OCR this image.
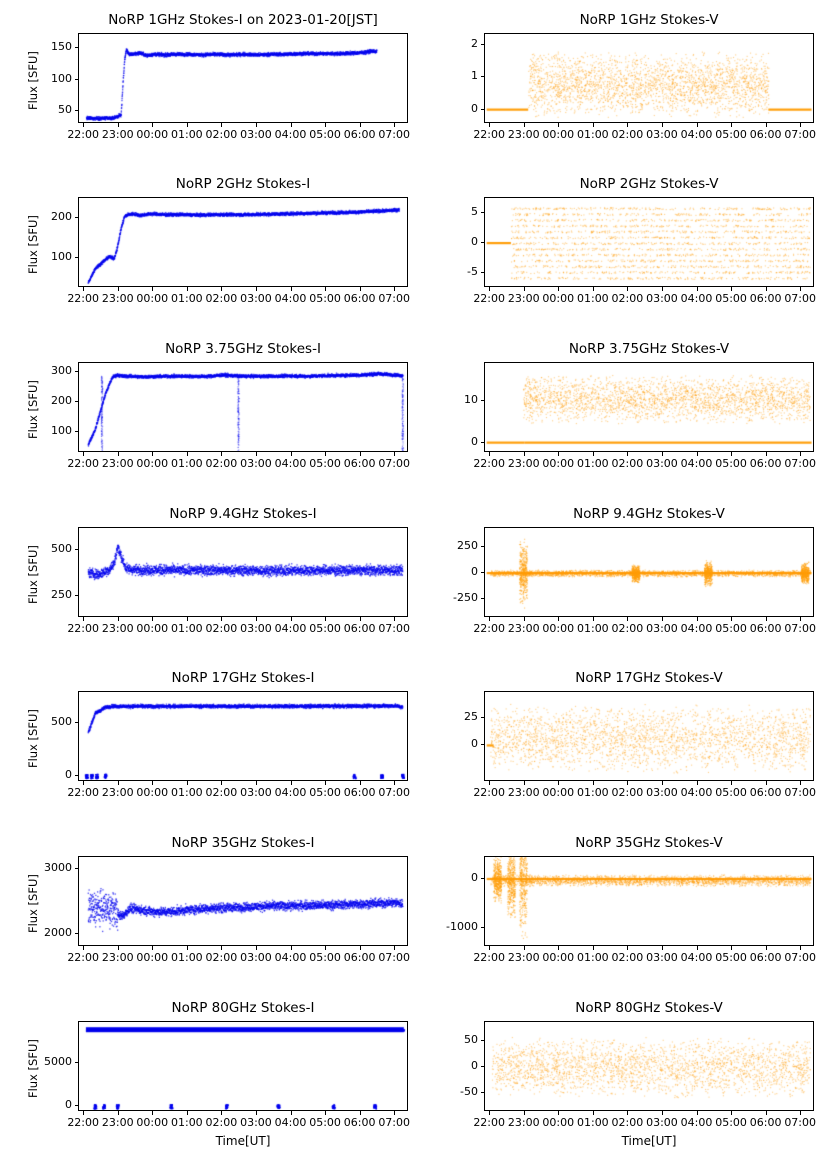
NoRP 1GHz Stokes-I on 2023-01-20[JST]
Flux [SFU]	50
100
150
22:00 23:00 00:00 01:00 02:00 03:00 04:00 05:00 06:00 07:00
NoRP 1GHz Stokes-V
0
1
2
22:00 23:00 00:00 01:00 02:00 03:00 04:00 05:00 06:00 07:00
NoRP 2GHz Stokes-I
Flux [SFU]	100
200
22:00 23:00 00:00 01:00 02:00 03:00 04:00 05:00 06:00 07:00
NoRP 2GHz Stokes-V
-5
0
5
22:00 23:00 00:00 01:00 02:00 03:00 04:00 05:00 06:00 07:00
NoRP 3.75GHz Stokes-I
Flux [SFU]	100
200
300
22:00 23:00 00:00 01:00 02:00 03:00 04:00 05:00 06:00 07:00
NoRP 3.75GHz Stokes-V
0
10
22:00 23:00 00:00 01:00 02:00 03:00 04:00 05:00 06:00 07:00
NoRP 9.4GHz Stokes-I
Flux [SFU]	250
500
22:00 23:00 00:00 01:00 02:00 03:00 04:00 05:00 06:00 07:00
NoRP 9.4GHz Stokes-V
-250
0
250
22:00 23:00 00:00 01:00 02:00 03:00 04:00 05:00 06:00 07:00
NoRP 17GHz Stokes-I
Flux [SFU]
0
500
22:00 23:00 00:00 01:00 02:00 03:00 04:00 05:00 06:00 07:00
NoRP 17GHz Stokes-V
0
25
22:00 23:00 00:00 01:00 02:00 03:00 04:00 05:00 06:00 07:00
NoRP 35GHz Stokes-I
Flux [SFU] 2000
3000
22:00 23:00 00:00 01:00 02:00 03:00 04:00 05:00 06:00 07:00
NoRP 35GHz Stokes-V
-1000
0
22:00 23:00 00:00 01:00 02:00 03:00 04:00 05:00 06:00 07:00
NoRP 80GHz Stokes-I
Flux [SFU]
0
5000
22:00 23:00 00:00 01:00 02:00 03:00 04:00 05:00 06:00 07:00
Time[UT]
NoRP 80GHz Stokes-V
-50
0
50
22:00 23:00 00:00 01:00 02:00 03:00 04:00 05:00 06:00 07:00
Time[UT]
